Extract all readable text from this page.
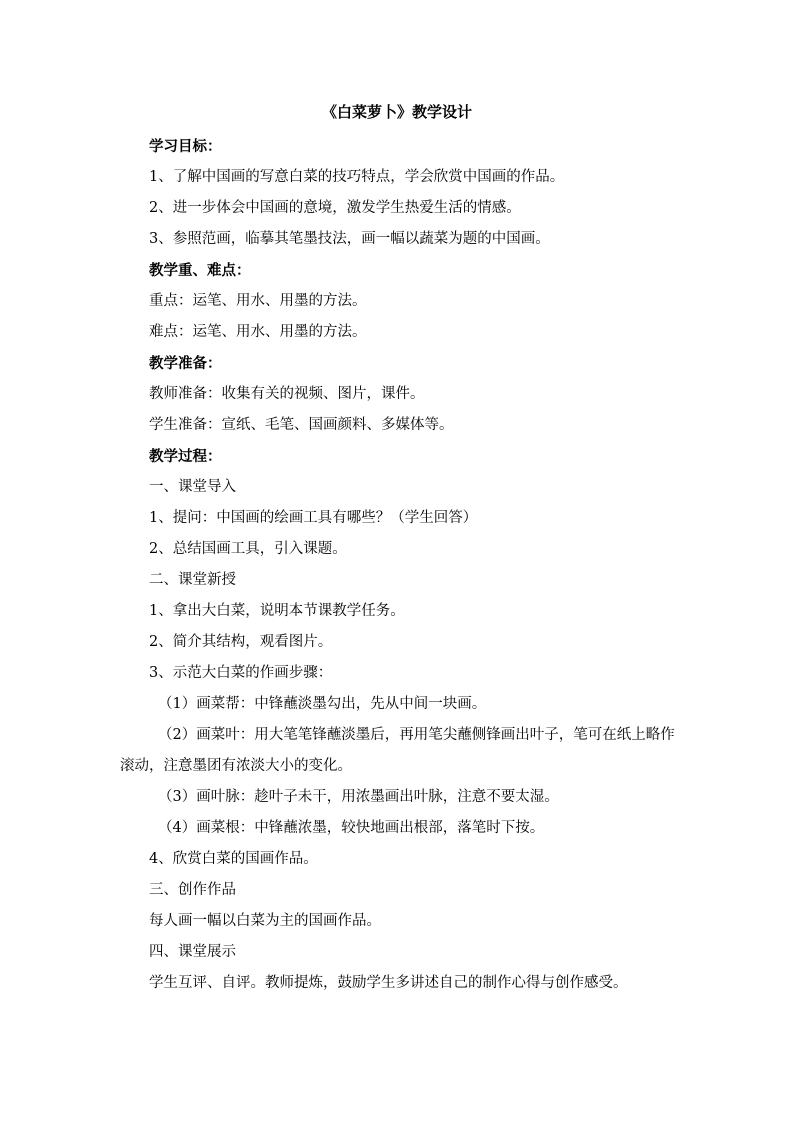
《白菜萝卜》教学设计
学习目标：
1、了解中国画的写意白菜的技巧特点，学会欣赏中国画的作品。
2、进一步体会中国画的意境，激发学生热爱生活的情感。
3、参照范画，临摹其笔墨技法，画一幅以蔬菜为题的中国画。
教学重、难点：
重点：运笔、用水、用墨的方法。
难点：运笔、用水、用墨的方法。
教学准备：
教师准备：收集有关的视频、图片，课件。
学生准备：宣纸、毛笔、国画颜料、多媒体等。
教学过程：
一、课堂导入
1、提问：中国画的绘画工具有哪些？（学生回答）
2、总结国画工具，引入课题。
二、课堂新授
1、拿出大白菜，说明本节课教学任务。
2、简介其结构，观看图片。
3、示范大白菜的作画步骤：
（1）画菜帮：中锋蘸淡墨勾出，先从中间一块画。

（2）画菜叶：用大笔笔锋蘸淡墨后，再用笔尖蘸侧锋画出叶子，笔可在纸上略作滚动，注意墨团有浓淡大小的变化。

（3）画叶脉：趁叶子未干，用浓墨画出叶脉，注意不要太湿。
（4）画菜根：中锋蘸浓墨，较快地画出根部，落笔时下按。
4、欣赏白菜的国画作品。
三、创作作品
每人画一幅以白菜为主的国画作品。
四、课堂展示
学生互评、自评。教师提炼，鼓励学生多讲述自己的制作心得与创作感受。
